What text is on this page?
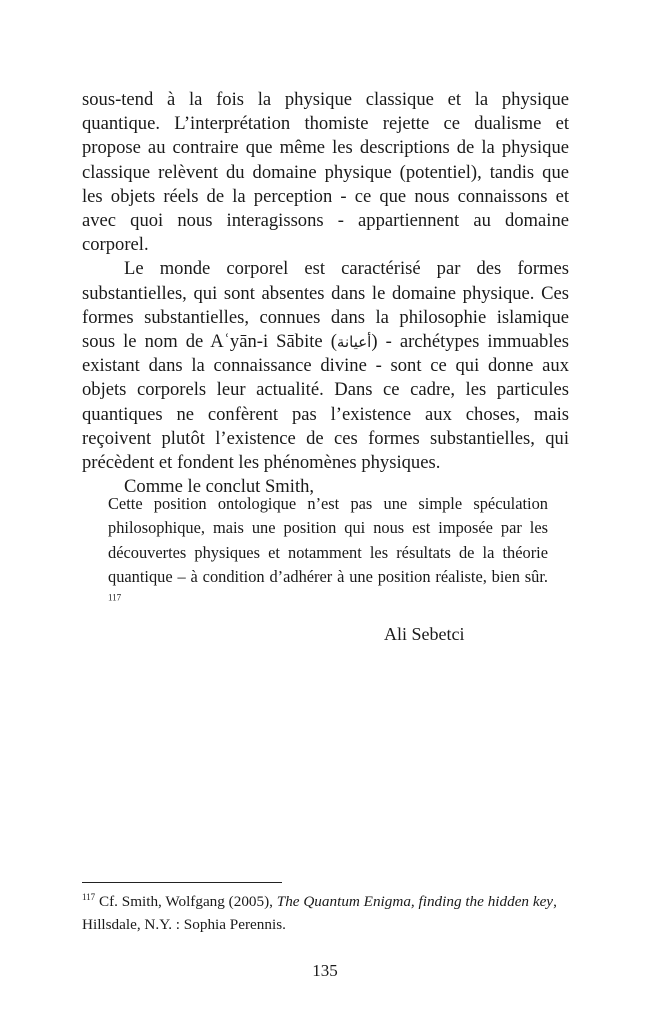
sous-tend à la fois la physique classique et la physique quantique. L’interprétation thomiste rejette ce dualisme et propose au contraire que même les descriptions de la physique classique relèvent du domaine physique (potentiel), tandis que les objets réels de la perception - ce que nous connaissons et avec quoi nous interagissons - appartiennent au domaine corporel.

Le monde corporel est caractérisé par des formes substantielles, qui sont absentes dans le domaine physique. Ces formes substantielles, connues dans la philosophie islamique sous le nom de Aʿyān-i Sābite (أعيانة) - archétypes immuables existant dans la connaissance divine - sont ce qui donne aux objets corporels leur actualité. Dans ce cadre, les particules quantiques ne confèrent pas l’existence aux choses, mais reçoivent plutôt l’existence de ces formes substantielles, qui précèdent et fondent les phénomènes physiques.

Comme le conclut Smith,

Cette position ontologique n’est pas une simple spéculation philosophique, mais une position qui nous est imposée par les découvertes physiques et notamment les résultats de la théorie quantique – à condition d’adhérer à une position réaliste, bien sûr. $^{117}$

Ali Sebetci

$^{117}$ Cf. Smith, Wolfgang (2005), The Quantum Enigma, finding the hidden key, Hillsdale, N.Y. : Sophia Perennis.

135
